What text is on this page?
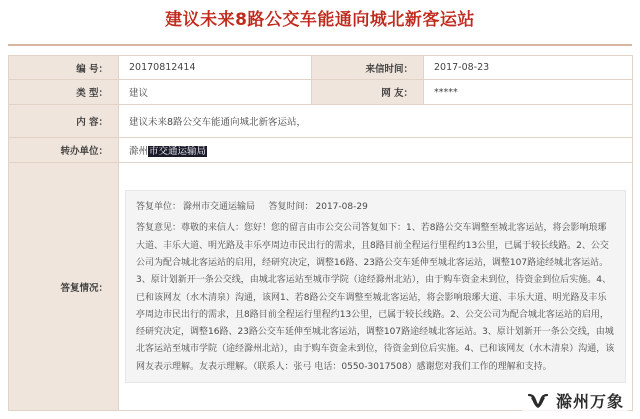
建议未来8路公交车能通向城北新客运站
编 号：	20170812414	来信时间：	2017-08-23
类 型：	建议	网 友：	*****
内 容：	建议未来8路公交车能通向城北新客运站，		
转办单位：	滁州市交通运输局		
答复情况：	答复单位： 滁州市交通运输局 答复时间： 2017-08-29
答复意见：尊敬的来信人：您好！您的留言由市公交公司答复如下：1、若8路公交车调整至城北客运站，将会影响琅琊大道、丰乐大道、明光路及丰乐亭周边市民出行的需求，且8路目前全程运行里程约13公里，已属于较长线路。2、公交公司为配合城北客运站的启用，经研究决定，调整16路、23路公交车延伸至城北客运站，调整107路途经城北客运站。3、原计划新开一条公交线，由城北客运站至城市学院（途经滁州北站），由于购车资金未到位，待资金到位后实施。4、已和该网友（水木清泉）沟通，该网1、若8路公交车调整至城北客运站，将会影响琅琊大道、丰乐大道、明光路及丰乐亭周边市民出行的需求，且8路目前全程运行里程约13公里，已属于较长线路。2、公交公司为配合城北客运站的启用，经研究决定，调整16路、23路公交车延伸至城北客运站，调整107路途经城北客运站。3、原计划新开一条公交线，由城北客运站至城市学院（途经滁州北站），由于购车资金未到位，待资金到位后实施。4、已和该网友（水木清泉）沟通，该网友表示理解。友表示理解。（联系人：张弓 电话：0550-3017508）感谢您对我们工作的理解和支持。		
滁州万象
